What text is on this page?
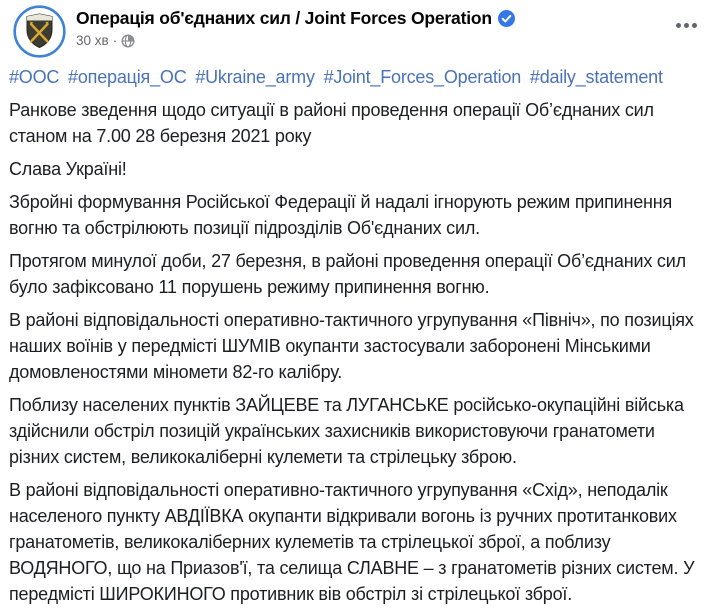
Операція об'єднаних сил / Joint Forces Operation
30 хв ·

#ООС #операція_ОС #Ukraine_army #Joint_Forces_Operation #daily_statement

Ранкове зведення щодо ситуації в районі проведення операції Об’єднаних сил станом на 7.00 28 березня 2021 року

Слава Україні!

Збройні формування Російської Федерації й надалі ігнорують режим припинення вогню та обстрілюють позиції підрозділів Об'єднаних сил.

Протягом минулої доби, 27 березня, в районі проведення операції Об’єднаних сил було зафіксовано 11 порушень режиму припинення вогню.

В районі відповідальності оперативно-тактичного угрупування «Північ», по позиціях наших воїнів у передмісті ШУМІВ окупанти застосували заборонені Мінськими домовленостями міномети 82-го калібру.

Поблизу населених пунктів ЗАЙЦЕВЕ та ЛУГАНСЬКЕ російсько-окупаційні війська здійснили обстріл позицій українських захисників використовуючи гранатомети різних систем, великокаліберні кулемети та стрілецьку зброю.

В районі відповідальності оперативно-тактичного угрупування «Схід», неподалік населеного пункту АВДІЇВКА окупанти відкривали вогонь із ручних протитанкових гранатометів, великокаліберних кулеметів та стрілецької зброї, а поблизу ВОДЯНОГО, що на Приазов'ї, та селища СЛАВНЕ – з гранатометів різних систем. У передмісті ШИРОКИНОГО противник вів обстріл зі стрілецької зброї.
